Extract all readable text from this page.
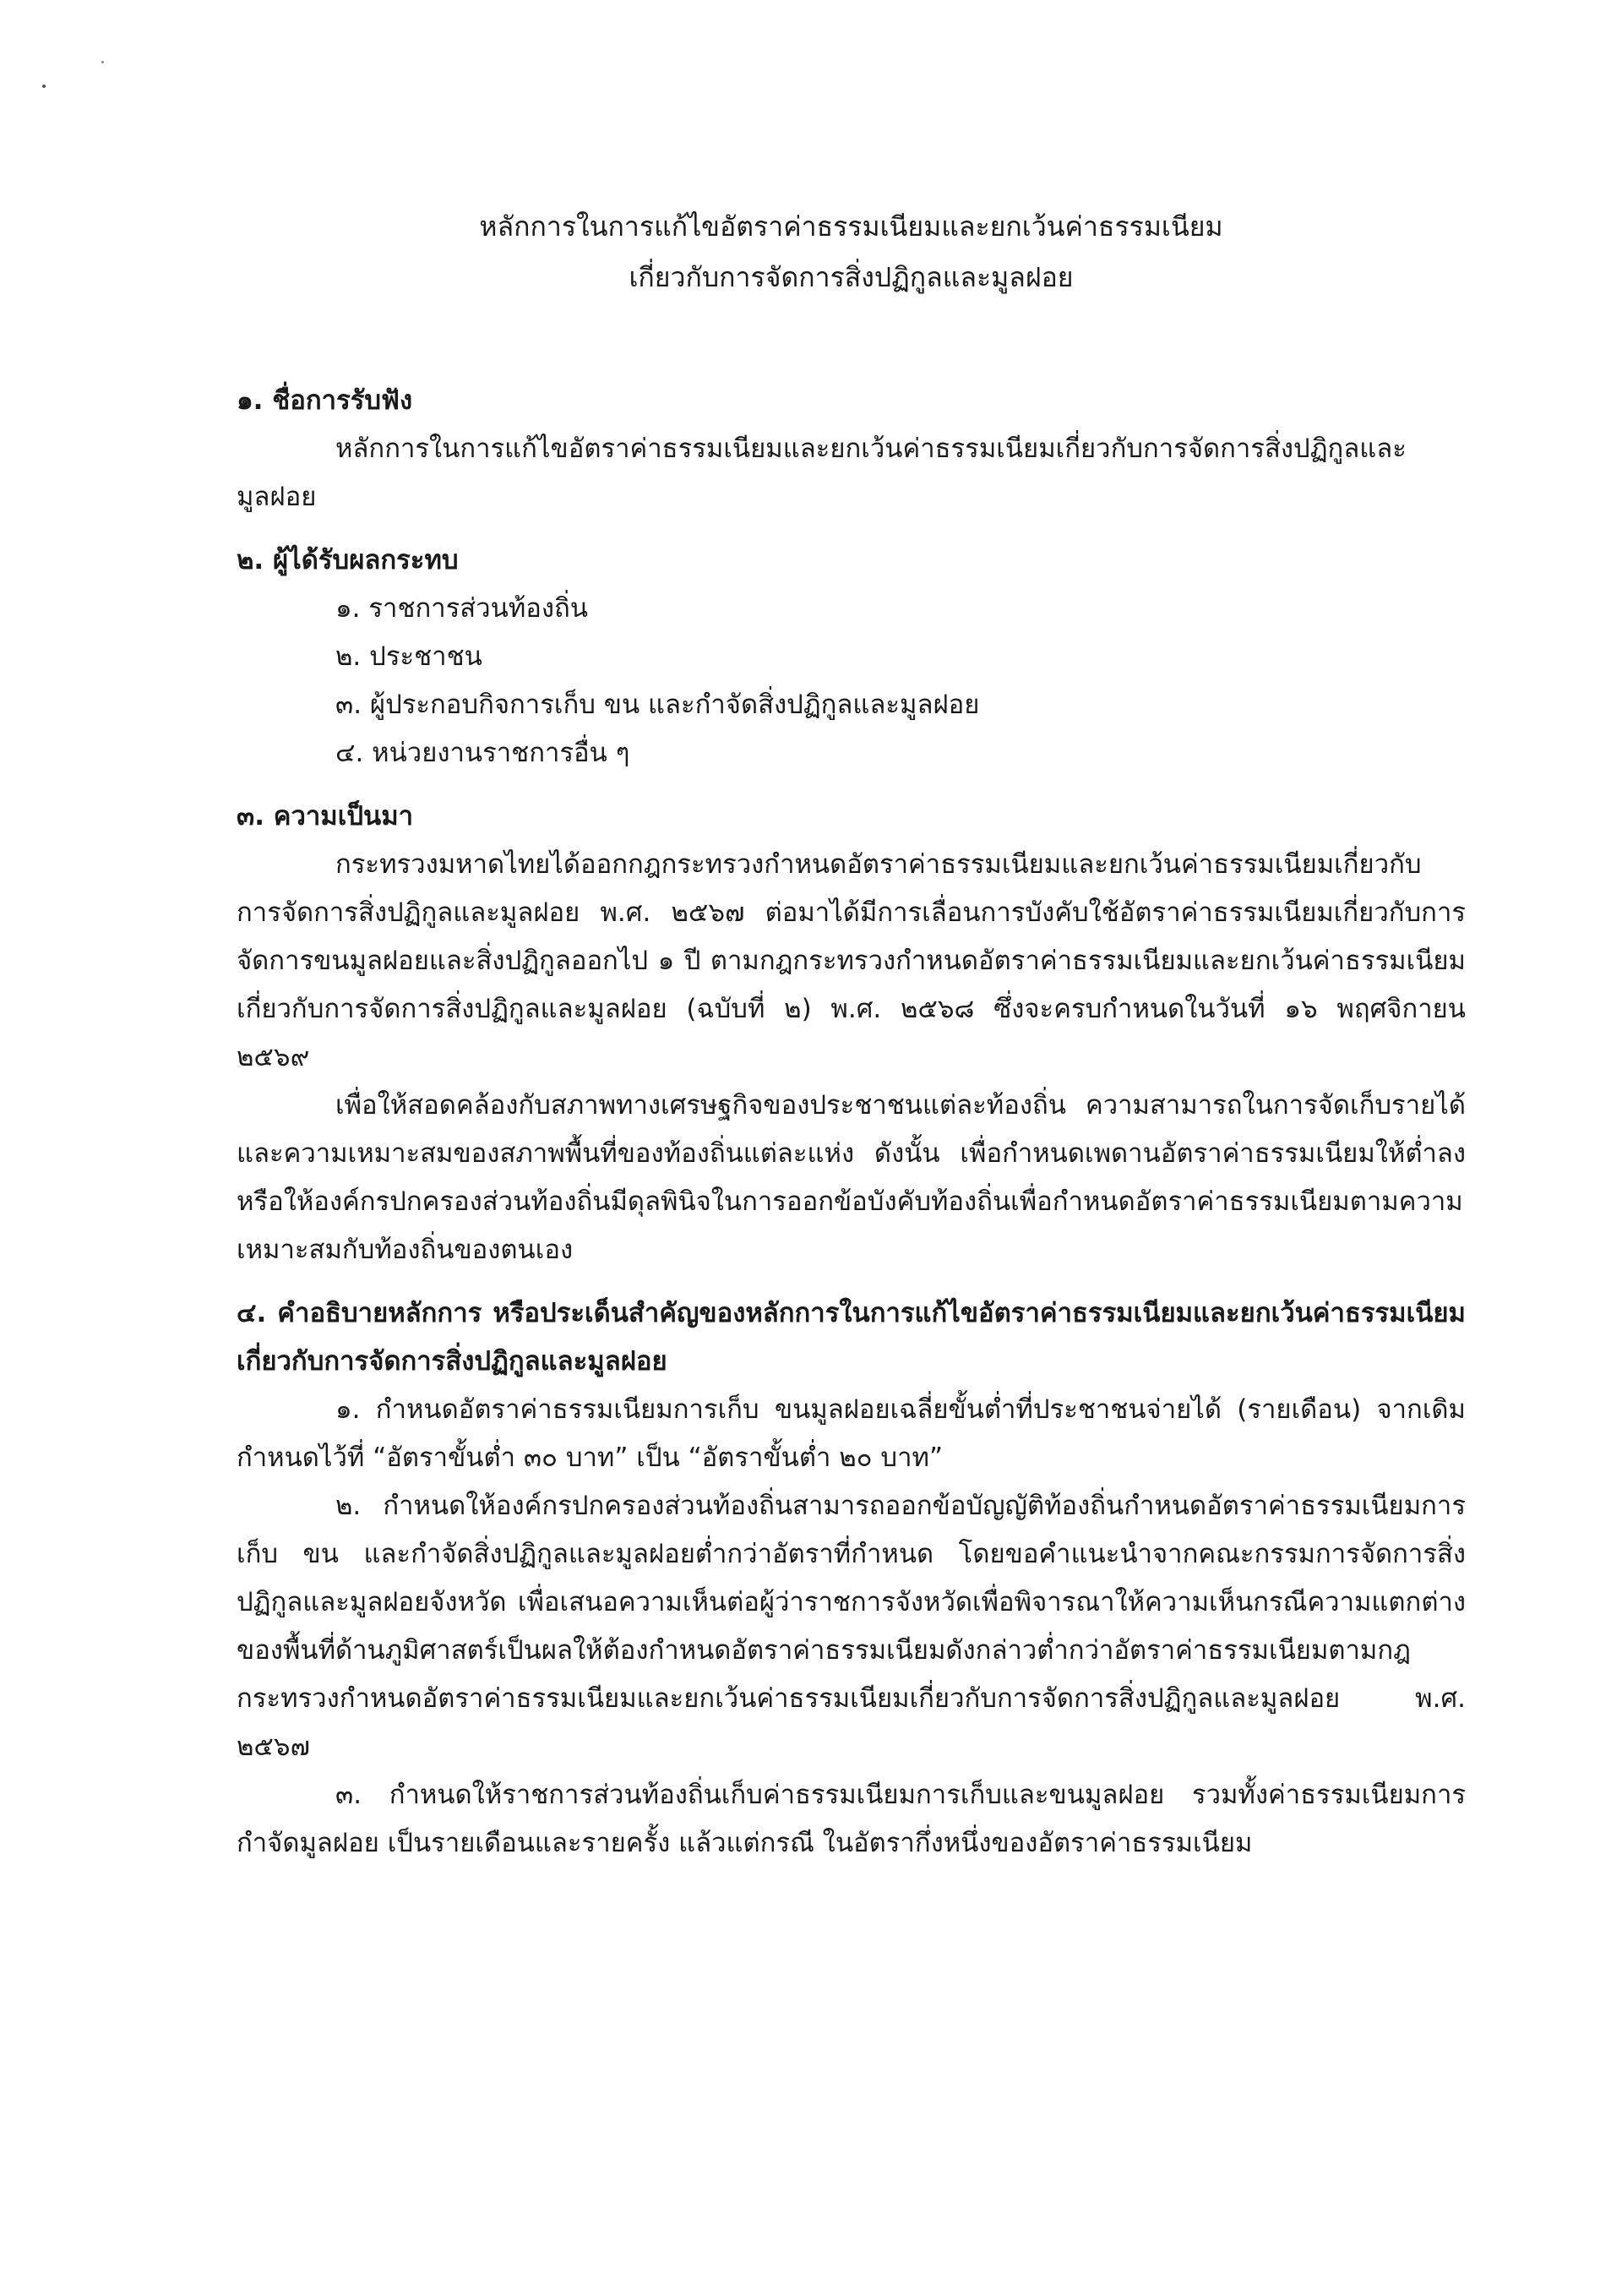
หลักการในการแก้ไขอัตราค่าธรรมเนียมและยกเว้นค่าธรรมเนียม
เกี่ยวกับการจัดการสิ่งปฏิกูลและมูลฝอย

๑. ชื่อการรับฟัง

หลักการในการแก้ไขอัตราค่าธรรมเนียมและยกเว้นค่าธรรมเนียมเกี่ยวกับการจัดการสิ่งปฏิกูลและมูลฝอย

๒. ผู้ได้รับผลกระทบ

๑. ราชการส่วนท้องถิ่น

๒. ประชาชน

๓. ผู้ประกอบกิจการเก็บ ขน และกำจัดสิ่งปฏิกูลและมูลฝอย

๔. หน่วยงานราชการอื่น ๆ

๓. ความเป็นมา

กระทรวงมหาดไทยได้ออกกฎกระทรวงกำหนดอัตราค่าธรรมเนียมและยกเว้นค่าธรรมเนียมเกี่ยวกับการจัดการสิ่งปฏิกูลและมูลฝอย พ.ศ. ๒๕๖๗ ต่อมาได้มีการเลื่อนการบังคับใช้อัตราค่าธรรมเนียมเกี่ยวกับการจัดการขนมูลฝอยและสิ่งปฏิกูลออกไป ๑ ปี ตามกฎกระทรวงกำหนดอัตราค่าธรรมเนียมและยกเว้นค่าธรรมเนียมเกี่ยวกับการจัดการสิ่งปฏิกูลและมูลฝอย (ฉบับที่ ๒) พ.ศ. ๒๕๖๘ ซึ่งจะครบกำหนดในวันที่ ๑๖ พฤศจิกายน ๒๕๖๙

เพื่อให้สอดคล้องกับสภาพทางเศรษฐกิจของประชาชนแต่ละท้องถิ่น ความสามารถในการจัดเก็บรายได้ และความเหมาะสมของสภาพพื้นที่ของท้องถิ่นแต่ละแห่ง ดังนั้น เพื่อกำหนดเพดานอัตราค่าธรรมเนียมให้ต่ำลงหรือให้องค์กรปกครองส่วนท้องถิ่นมีดุลพินิจในการออกข้อบังคับท้องถิ่นเพื่อกำหนดอัตราค่าธรรมเนียมตามความเหมาะสมกับท้องถิ่นของตนเอง

๔. คำอธิบายหลักการ หรือประเด็นสำคัญของหลักการในการแก้ไขอัตราค่าธรรมเนียมและยกเว้นค่าธรรมเนียมเกี่ยวกับการจัดการสิ่งปฏิกูลและมูลฝอย

๑. กำหนดอัตราค่าธรรมเนียมการเก็บ ขนมูลฝอยเฉลี่ยขั้นต่ำที่ประชาชนจ่ายได้ (รายเดือน) จากเดิมกำหนดไว้ที่ “อัตราขั้นต่ำ ๓๐ บาท” เป็น “อัตราขั้นต่ำ ๒๐ บาท”

๒. กำหนดให้องค์กรปกครองส่วนท้องถิ่นสามารถออกข้อบัญญัติท้องถิ่นกำหนดอัตราค่าธรรมเนียมการเก็บ ขน และกำจัดสิ่งปฏิกูลและมูลฝอยต่ำกว่าอัตราที่กำหนด โดยขอคำแนะนำจากคณะกรรมการจัดการสิ่งปฏิกูลและมูลฝอยจังหวัด เพื่อเสนอความเห็นต่อผู้ว่าราชการจังหวัดเพื่อพิจารณาให้ความเห็นกรณีความแตกต่างของพื้นที่ด้านภูมิศาสตร์เป็นผลให้ต้องกำหนดอัตราค่าธรรมเนียมดังกล่าวต่ำกว่าอัตราค่าธรรมเนียมตามกฎกระทรวงกำหนดอัตราค่าธรรมเนียมและยกเว้นค่าธรรมเนียมเกี่ยวกับการจัดการสิ่งปฏิกูลและมูลฝอย พ.ศ. ๒๕๖๗

๓. กำหนดให้ราชการส่วนท้องถิ่นเก็บค่าธรรมเนียมการเก็บและขนมูลฝอย รวมทั้งค่าธรรมเนียมการกำจัดมูลฝอย เป็นรายเดือนและรายครั้ง แล้วแต่กรณี ในอัตรากึ่งหนึ่งของอัตราค่าธรรมเนียม
